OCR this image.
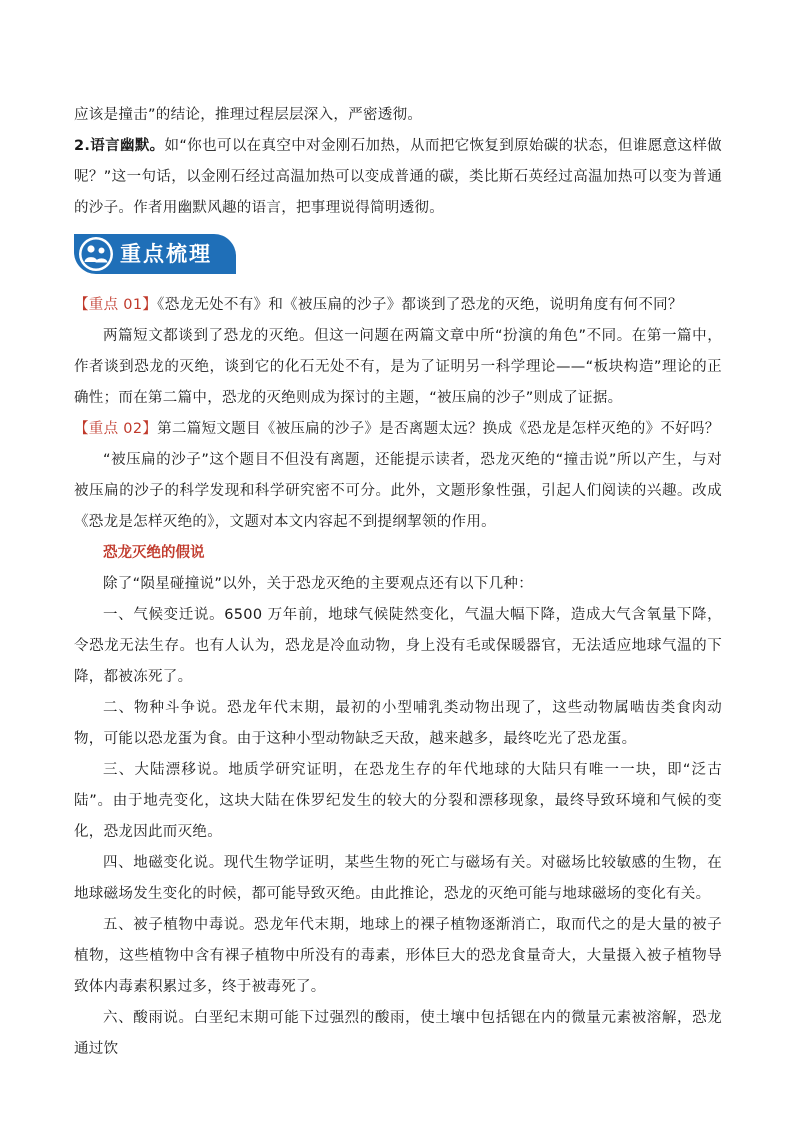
应该是撞击”的结论，推理过程层层深入，严密透彻。

2.语言幽默。如“你也可以在真空中对金刚石加热，从而把它恢复到原始碳的状态，但谁愿意这样做呢？”这一句话，以金刚石经过高温加热可以变成普通的碳，类比斯石英经过高温加热可以变为普通的沙子。作者用幽默风趣的语言，把事理说得简明透彻。

重点梳理

【重点 01】《恐龙无处不有》和《被压扁的沙子》都谈到了恐龙的灭绝，说明角度有何不同？

两篇短文都谈到了恐龙的灭绝。但这一问题在两篇文章中所“扮演的角色”不同。在第一篇中，作者谈到恐龙的灭绝，谈到它的化石无处不有，是为了证明另一科学理论——“板块构造”理论的正确性；而在第二篇中，恐龙的灭绝则成为探讨的主题，“被压扁的沙子”则成了证据。

【重点 02】第二篇短文题目《被压扁的沙子》是否离题太远？换成《恐龙是怎样灭绝的》不好吗？

“被压扁的沙子”这个题目不但没有离题，还能提示读者，恐龙灭绝的“撞击说”所以产生，与对被压扁的沙子的科学发现和科学研究密不可分。此外，文题形象性强，引起人们阅读的兴趣。改成《恐龙是怎样灭绝的》，文题对本文内容起不到提纲挈领的作用。

恐龙灭绝的假说

除了“陨星碰撞说”以外，关于恐龙灭绝的主要观点还有以下几种：

一、气候变迁说。6500 万年前，地球气候陡然变化，气温大幅下降，造成大气含氧量下降，令恐龙无法生存。也有人认为，恐龙是冷血动物，身上没有毛或保暖器官，无法适应地球气温的下降，都被冻死了。

二、物种斗争说。恐龙年代末期，最初的小型哺乳类动物出现了，这些动物属啮齿类食肉动物，可能以恐龙蛋为食。由于这种小型动物缺乏天敌，越来越多，最终吃光了恐龙蛋。

三、大陆漂移说。地质学研究证明，在恐龙生存的年代地球的大陆只有唯一一块，即“泛古陆”。由于地壳变化，这块大陆在侏罗纪发生的较大的分裂和漂移现象，最终导致环境和气候的变化，恐龙因此而灭绝。

四、地磁变化说。现代生物学证明，某些生物的死亡与磁场有关。对磁场比较敏感的生物，在地球磁场发生变化的时候，都可能导致灭绝。由此推论，恐龙的灭绝可能与地球磁场的变化有关。

五、被子植物中毒说。恐龙年代末期，地球上的裸子植物逐渐消亡，取而代之的是大量的被子植物，这些植物中含有裸子植物中所没有的毒素，形体巨大的恐龙食量奇大，大量摄入被子植物导致体内毒素积累过多，终于被毒死了。

六、酸雨说。白垩纪末期可能下过强烈的酸雨，使土壤中包括锶在内的微量元素被溶解，恐龙通过饮
